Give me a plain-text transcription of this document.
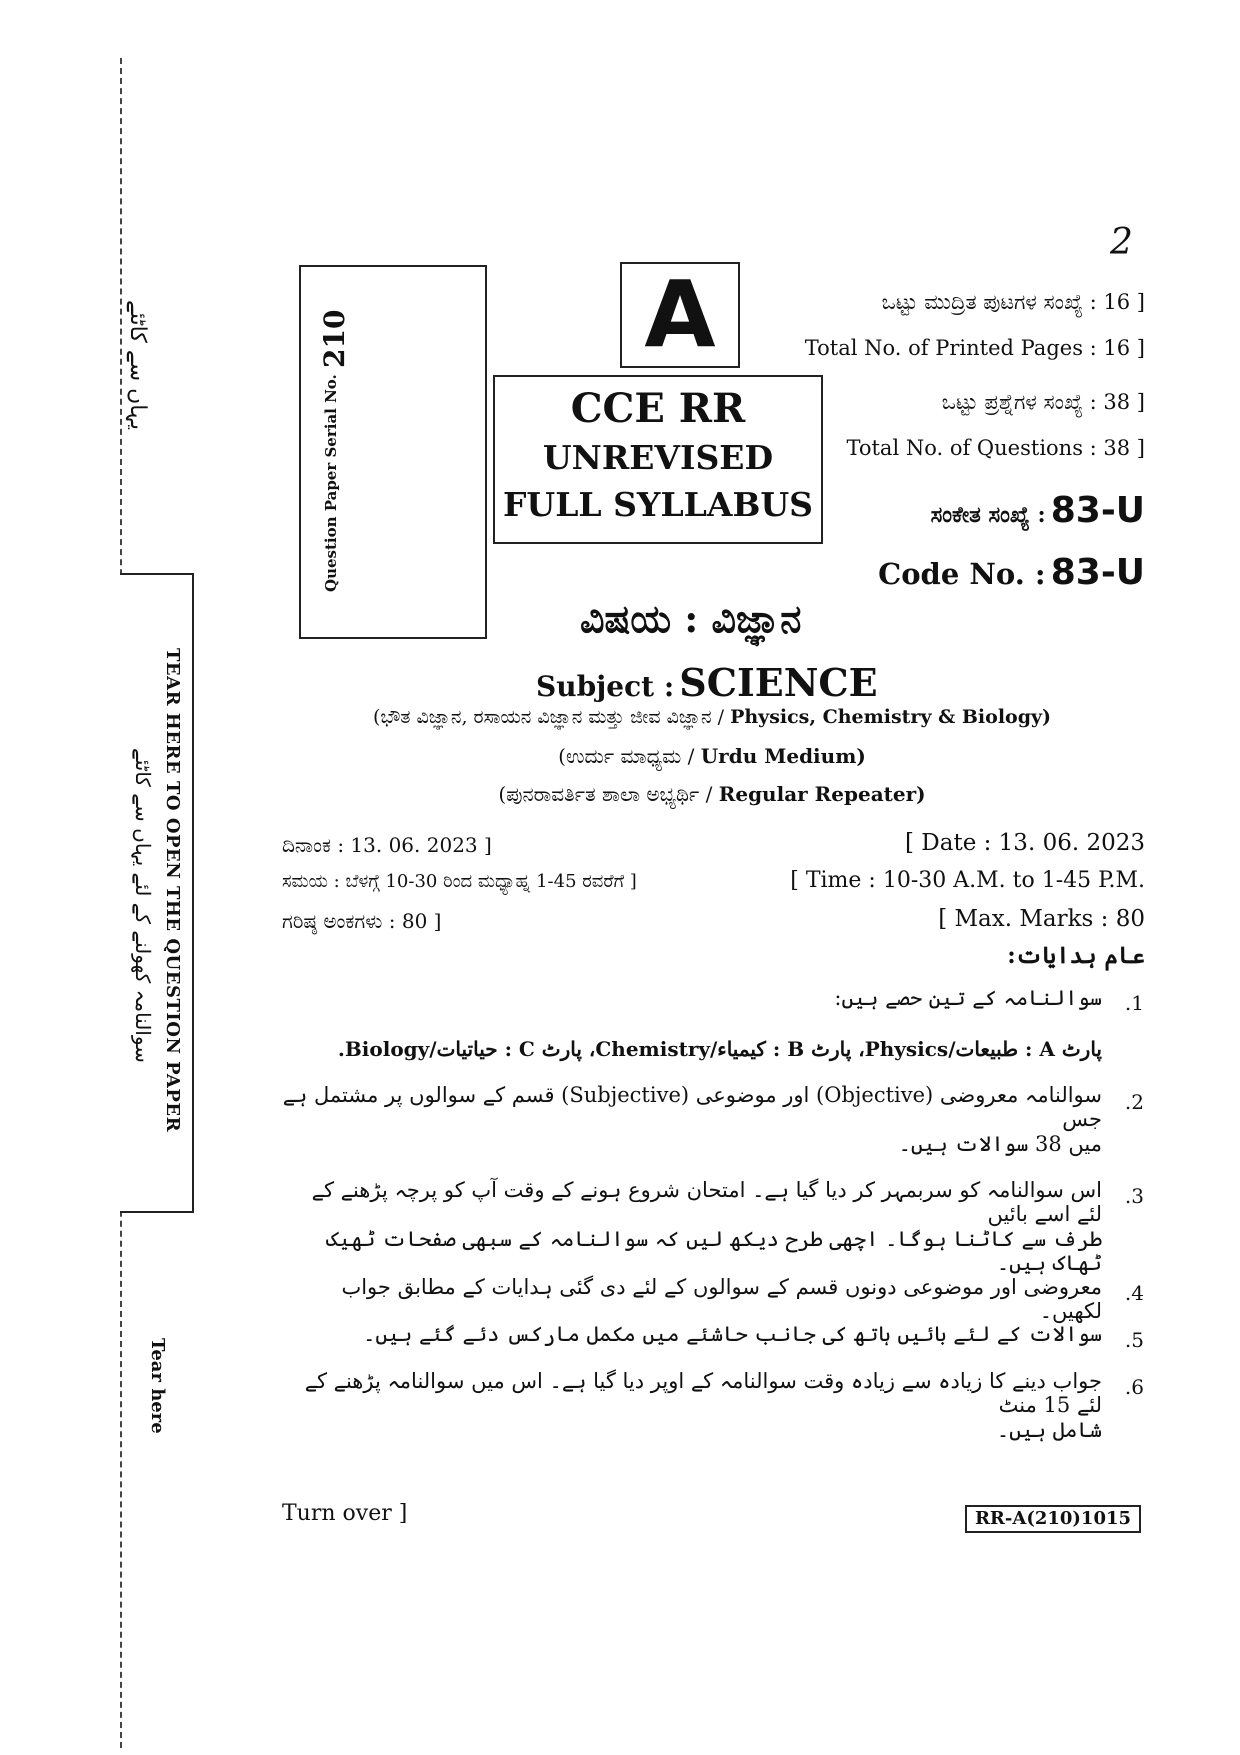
یہاں سے کاٹئے
TEAR HERE TO OPEN THE QUESTION PAPER
سوالنامہ کھولنے کے لئے یہاں سے کاٹئے
Tear here
2
Question Paper Serial No.
210	A
CCE RR
UNREVISED
FULL SYLLABUS
ಒಟ್ಟು ಮುದ್ರಿತ ಪುಟಗಳ ಸಂಖ್ಯೆ : 16 ]
Total No. of Printed Pages : 16 ]
ಒಟ್ಟು ಪ್ರಶ್ನೆಗಳ ಸಂಖ್ಯೆ : 38 ]
Total No. of Questions : 38 ]
ಸಂಕೇತ ಸಂಖ್ಯೆ : 83-U
Code No. : 83-U
ವಿಷಯ : ವಿಜ್ಞಾನ
Subject : SCIENCE
(ಭೌತ ವಿಜ್ಞಾನ, ರಸಾಯನ ವಿಜ್ಞಾನ ಮತ್ತು ಜೀವ ವಿಜ್ಞಾನ / Physics, Chemistry & Biology)
(ಉರ್ದು ಮಾಧ್ಯಮ / Urdu Medium)
(ಪುನರಾವರ್ತಿತ ಶಾಲಾ ಅಭ್ಯರ್ಥಿ / Regular Repeater)
ದಿನಾಂಕ : 13. 06. 2023 ]	[ Date : 13. 06. 2023
ಸಮಯ : ಬೆಳಗ್ಗೆ 10-30 ರಿಂದ ಮಧ್ಯಾಹ್ನ 1-45 ರವರೆಗೆ ]	[ Time : 10-30 A.M. to 1-45 P.M.
ಗರಿಷ್ಠ ಅಂಕಗಳು : 80 ]	[ Max. Marks : 80
عام ہدایات:
.1
سوالنامہ کے تین حصے ہیں:
پارٹ A : طبیعات/Physics، پارٹ B : کیمیاء/Chemistry، پارٹ C : حیاتیات/Biology.
.2
سوالنامہ معروضی (Objective) اور موضوعی (Subjective) قسم کے سوالوں پر مشتمل ہے جس
میں 38 سوالات ہیں۔
.3
اس سوالنامہ کو سربمہر کر دیا گیا ہے۔ امتحان شروع ہونے کے وقت آپ کو پرچہ پڑھنے کے لئے اسے بائیں
طرف سے کاٹنا ہوگا۔ اچھی طرح دیکھ لیں کہ سوالنامہ کے سبھی صفحات ٹھیک ٹھاک ہیں۔
.4
معروضی اور موضوعی دونوں قسم کے سوالوں کے لئے دی گئی ہدایات کے مطابق جواب لکھیں۔
.5
سوالات کے لئے بائیں ہاتھ کی جانب حاشئے میں مکمل مارکس دئے گئے ہیں۔
.6
جواب دینے کا زیادہ سے زیادہ وقت سوالنامہ کے اوپر دیا گیا ہے۔ اس میں سوالنامہ پڑھنے کے لئے 15 منٹ
شامل ہیں۔
Turn over ]	RR-A(210)1015
